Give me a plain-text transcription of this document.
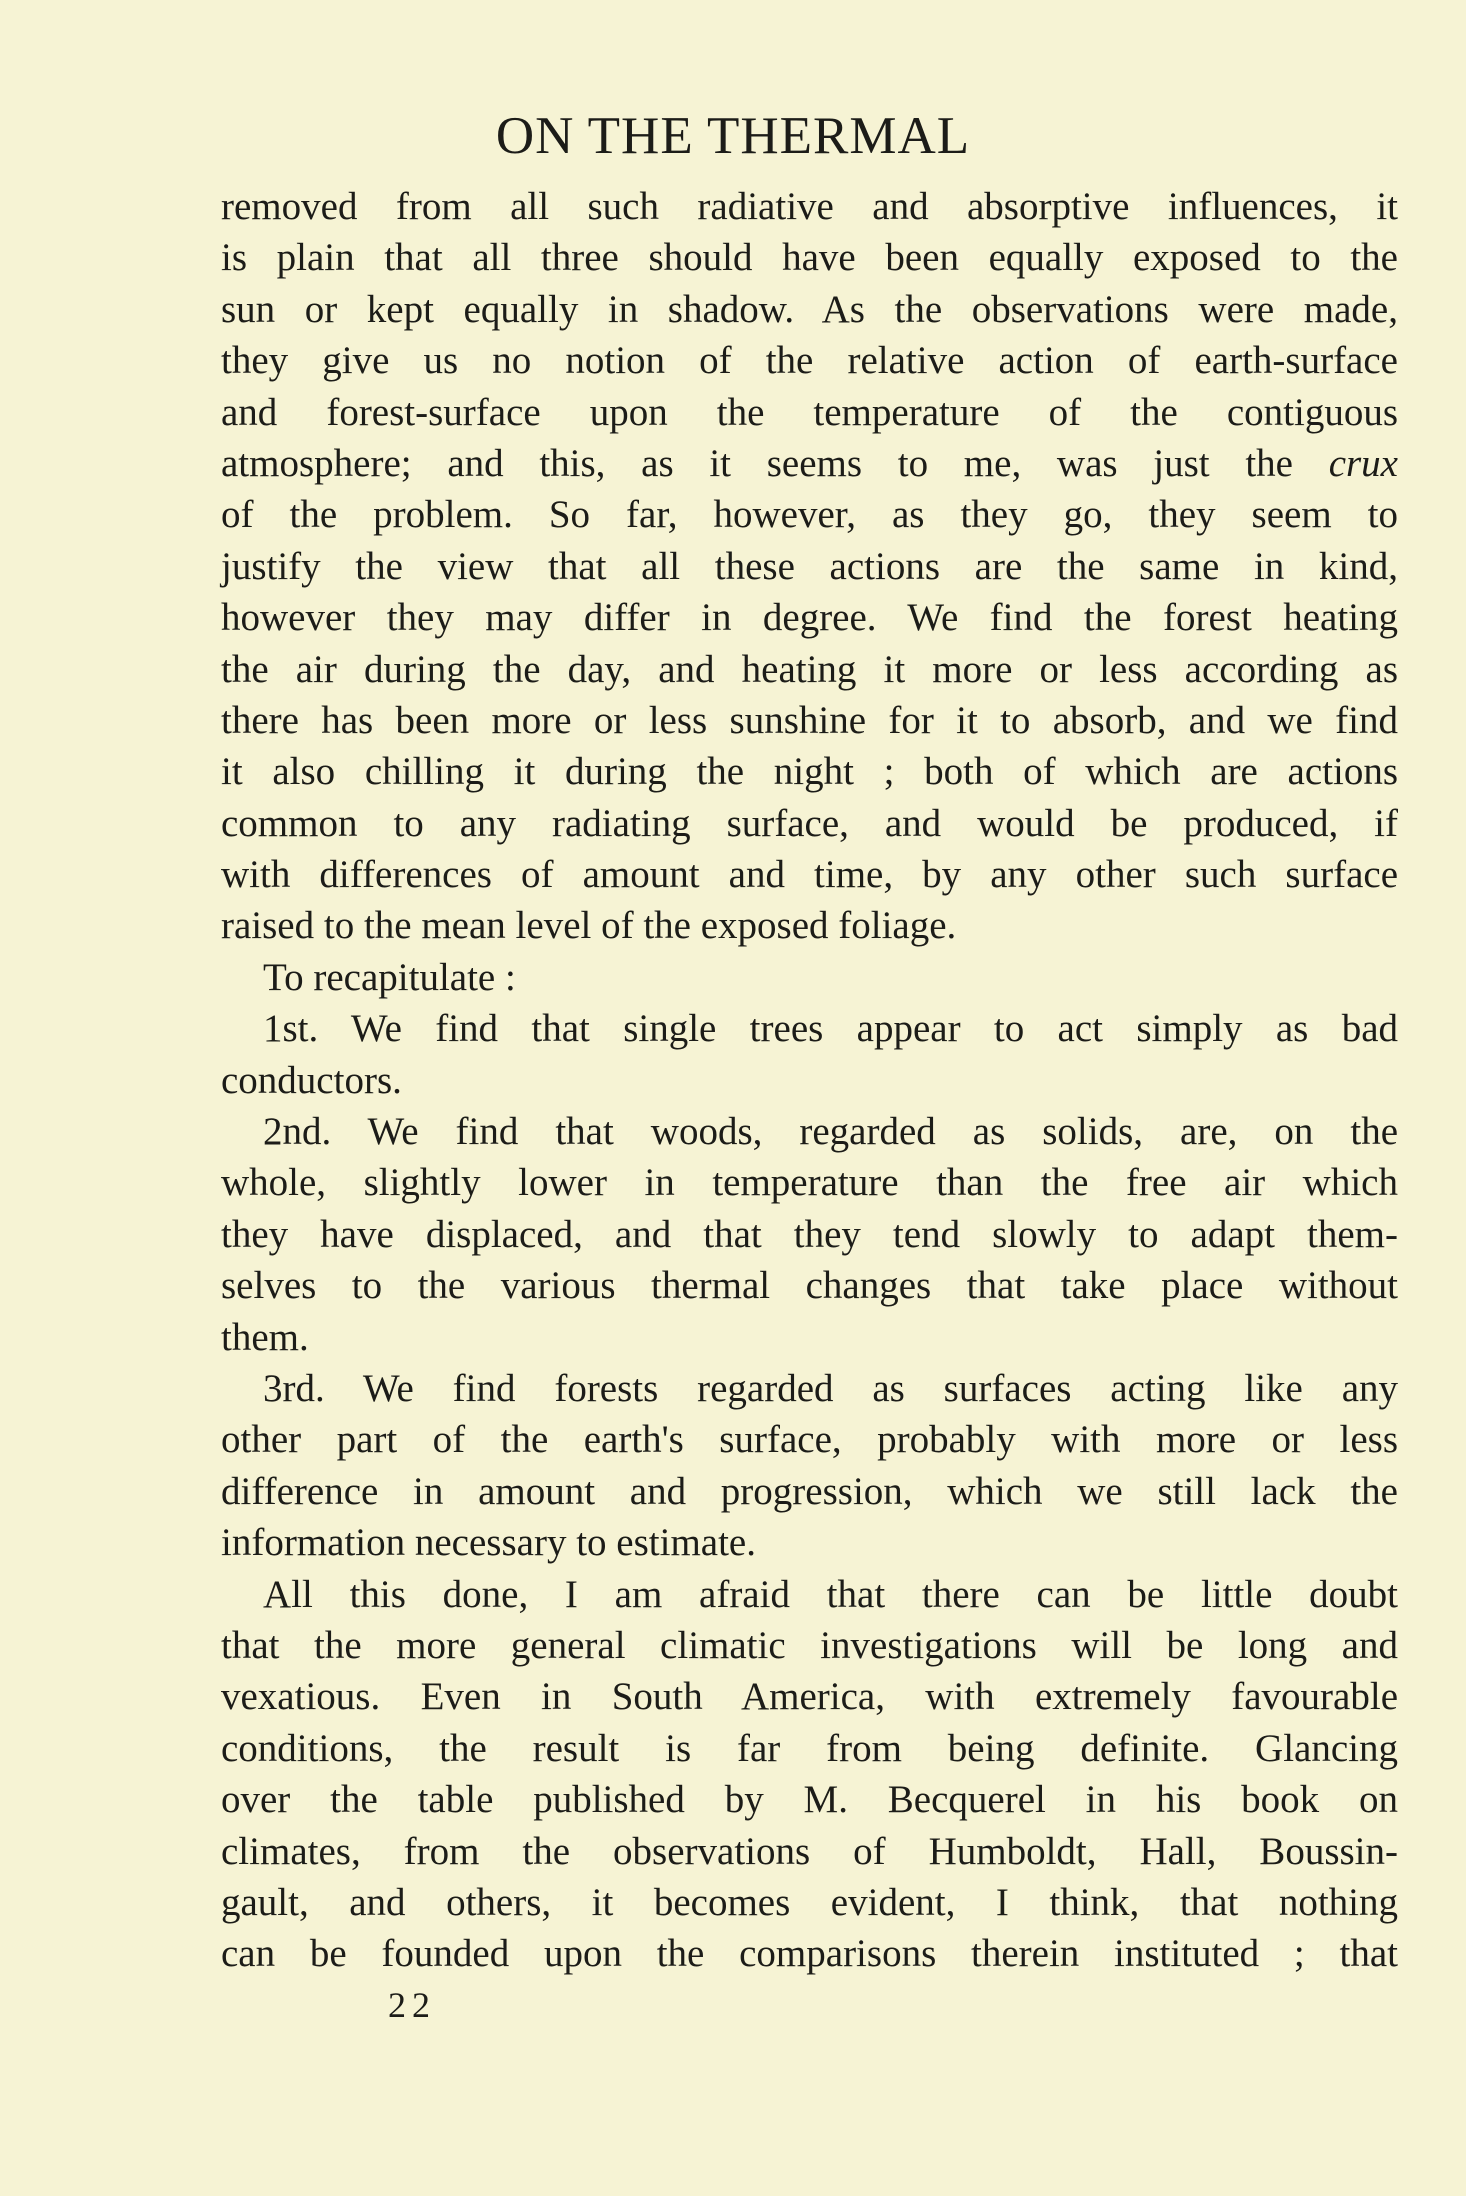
ON THE THERMAL
removed from all such radiative and absorptive influences, it
is plain that all three should have been equally exposed to the
sun or kept equally in shadow. As the observations were made,
they give us no notion of the relative action of earth-surface
and forest-surface upon the temperature of the contiguous
atmosphere; and this, as it seems to me, was just the crux
of the problem. So far, however, as they go, they seem to
justify the view that all these actions are the same in kind,
however they may differ in degree. We find the forest heating
the air during the day, and heating it more or less according as
there has been more or less sunshine for it to absorb, and we find
it also chilling it during the night ; both of which are actions
common to any radiating surface, and would be produced, if
with differences of amount and time, by any other such surface
raised to the mean level of the exposed foliage.
To recapitulate :
1st. We find that single trees appear to act simply as bad
conductors.
2nd. We find that woods, regarded as solids, are, on the
whole, slightly lower in temperature than the free air which
they have displaced, and that they tend slowly to adapt them-
selves to the various thermal changes that take place without
them.
3rd. We find forests regarded as surfaces acting like any
other part of the earth's surface, probably with more or less
difference in amount and progression, which we still lack the
information necessary to estimate.
All this done, I am afraid that there can be little doubt
that the more general climatic investigations will be long and
vexatious. Even in South America, with extremely favourable
conditions, the result is far from being definite. Glancing
over the table published by M. Becquerel in his book on
climates, from the observations of Humboldt, Hall, Boussin-
gault, and others, it becomes evident, I think, that nothing
can be founded upon the comparisons therein instituted ; that
22
